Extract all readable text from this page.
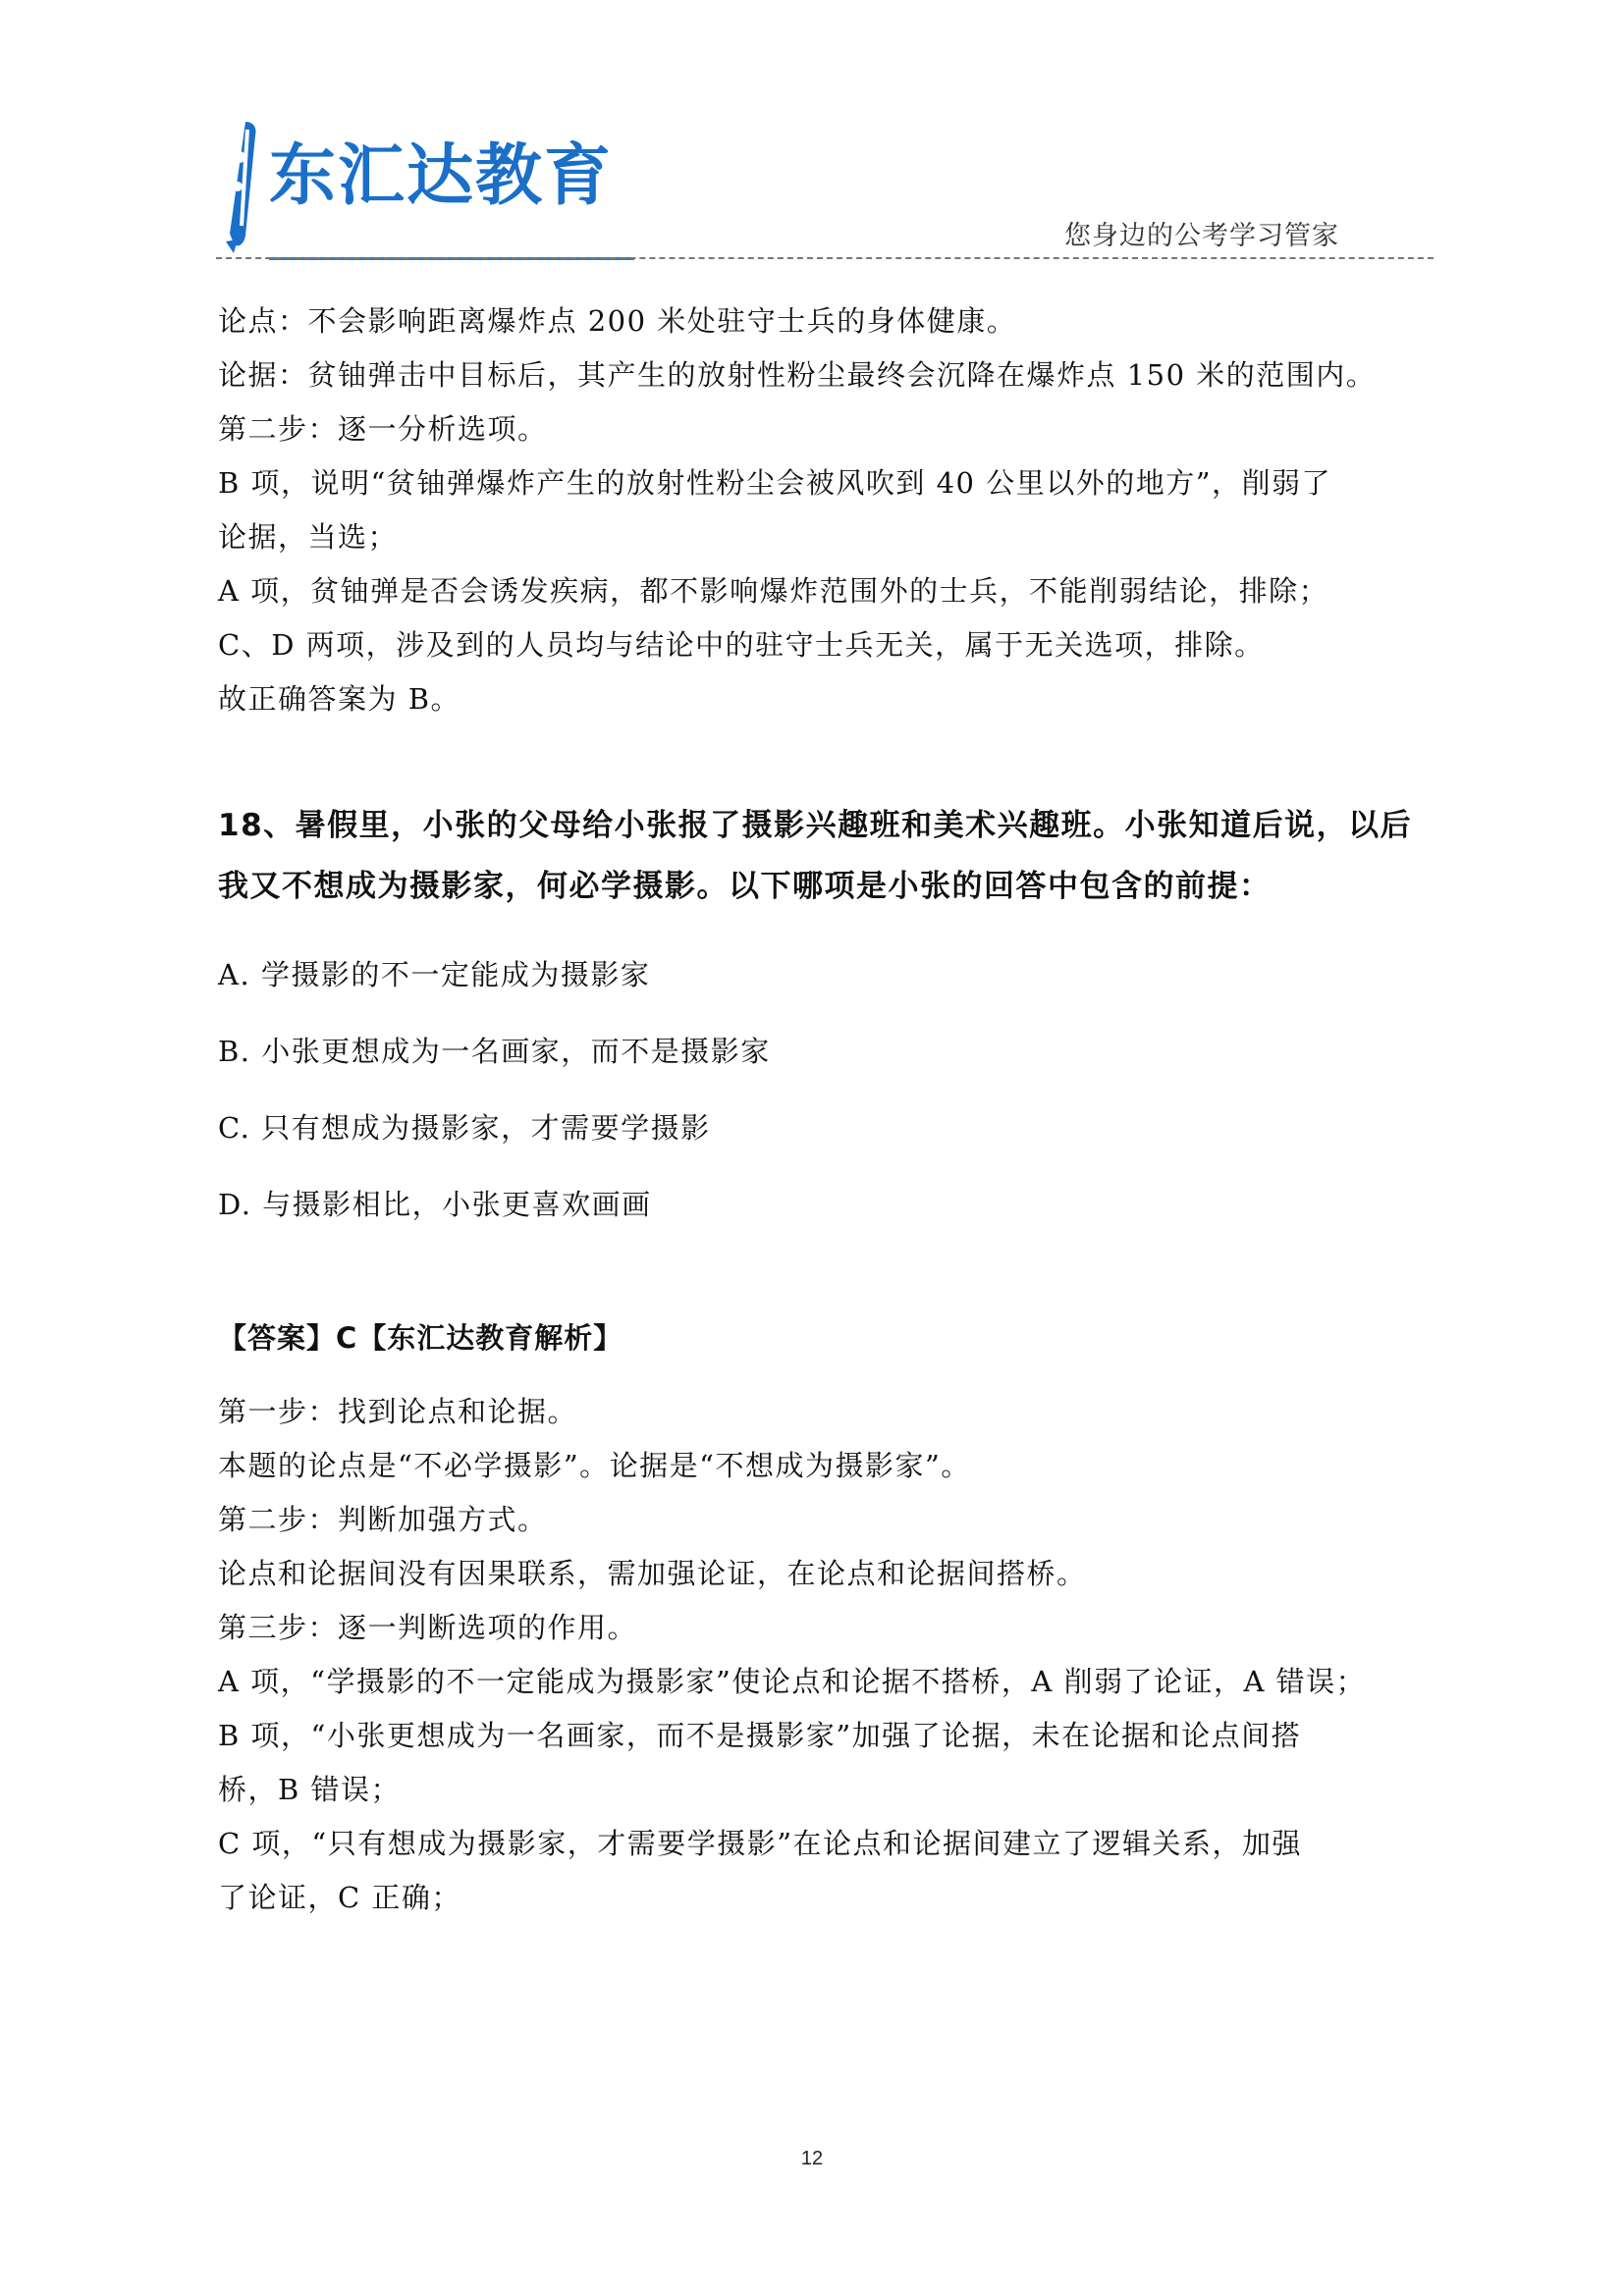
东汇达教育
您身边的公考学习管家

论点：不会影响距离爆炸点 200 米处驻守士兵的身体健康。

论据：贫铀弹击中目标后，其产生的放射性粉尘最终会沉降在爆炸点 150 米的范围内。

第二步：逐一分析选项。

B 项，说明“贫铀弹爆炸产生的放射性粉尘会被风吹到 40 公里以外的地方”，削弱了

论据，当选；

A 项，贫铀弹是否会诱发疾病，都不影响爆炸范围外的士兵，不能削弱结论，排除；

C、D 两项，涉及到的人员均与结论中的驻守士兵无关，属于无关选项，排除。

故正确答案为 B。

18、暑假里，小张的父母给小张报了摄影兴趣班和美术兴趣班。小张知道后说，以后

我又不想成为摄影家，何必学摄影。以下哪项是小张的回答中包含的前提：

A. 学摄影的不一定能成为摄影家

B. 小张更想成为一名画家，而不是摄影家

C. 只有想成为摄影家，才需要学摄影

D. 与摄影相比，小张更喜欢画画

【答案】C【东汇达教育解析】

第一步：找到论点和论据。

本题的论点是“不必学摄影”。论据是“不想成为摄影家”。

第二步：判断加强方式。

论点和论据间没有因果联系，需加强论证，在论点和论据间搭桥。

第三步：逐一判断选项的作用。

A 项，“学摄影的不一定能成为摄影家”使论点和论据不搭桥，A 削弱了论证，A 错误；

B 项，“小张更想成为一名画家，而不是摄影家”加强了论据，未在论据和论点间搭

桥，B 错误；

C 项，“只有想成为摄影家，才需要学摄影”在论点和论据间建立了逻辑关系，加强

了论证，C 正确；

12
